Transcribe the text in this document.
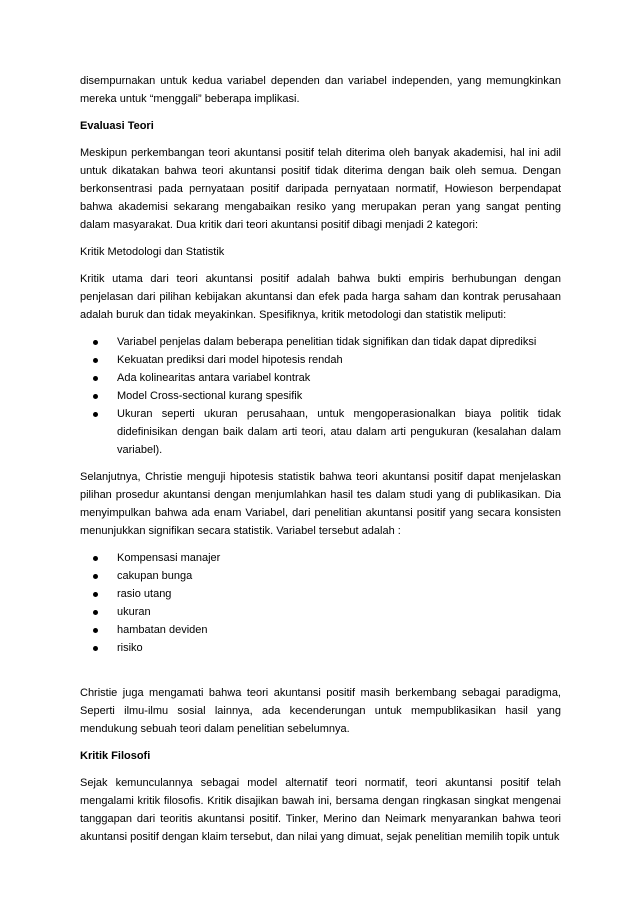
disempurnakan untuk kedua variabel dependen dan variabel independen, yang memungkinkan mereka untuk “menggali” beberapa implikasi.

Evaluasi Teori

Meskipun perkembangan teori akuntansi positif telah diterima oleh banyak akademisi, hal ini adil untuk dikatakan bahwa teori akuntansi positif tidak diterima dengan baik oleh semua. Dengan berkonsentrasi pada pernyataan positif daripada pernyataan normatif, Howieson berpendapat bahwa akademisi sekarang mengabaikan resiko yang merupakan peran yang sangat penting dalam masyarakat. Dua kritik dari teori akuntansi positif dibagi menjadi 2 kategori:

Kritik Metodologi dan Statistik

Kritik utama dari teori akuntansi positif adalah bahwa bukti empiris berhubungan dengan penjelasan dari pilihan kebijakan akuntansi dan efek pada harga saham dan kontrak perusahaan adalah buruk dan tidak meyakinkan. Spesifiknya, kritik metodologi dan statistik meliputi:

Variabel penjelas dalam beberapa penelitian tidak signifikan dan tidak dapat diprediksi
Kekuatan prediksi dari model hipotesis rendah
Ada kolinearitas antara variabel kontrak
Model Cross-sectional kurang spesifik
Ukuran seperti ukuran perusahaan, untuk mengoperasionalkan biaya politik tidak didefinisikan dengan baik dalam arti teori, atau dalam arti pengukuran (kesalahan dalam variabel).

Selanjutnya, Christie menguji hipotesis statistik bahwa teori akuntansi positif dapat menjelaskan pilihan prosedur akuntansi dengan menjumlahkan hasil tes dalam studi yang di publikasikan. Dia menyimpulkan bahwa ada enam Variabel, dari penelitian akuntansi positif yang secara konsisten menunjukkan signifikan secara statistik. Variabel tersebut adalah :

Kompensasi manajer
cakupan bunga
rasio utang
ukuran
hambatan deviden
risiko

Christie juga mengamati bahwa teori akuntansi positif masih berkembang sebagai paradigma, Seperti ilmu-ilmu sosial lainnya, ada kecenderungan untuk mempublikasikan hasil yang mendukung sebuah teori dalam penelitian sebelumnya.

Kritik Filosofi

Sejak kemunculannya sebagai model alternatif teori normatif, teori akuntansi positif telah mengalami kritik filosofis. Kritik disajikan bawah ini, bersama dengan ringkasan singkat mengenai tanggapan dari teoritis akuntansi positif. Tinker, Merino dan Neimark menyarankan bahwa teori akuntansi positif dengan klaim tersebut, dan nilai yang dimuat, sejak penelitian memilih topik untuk
